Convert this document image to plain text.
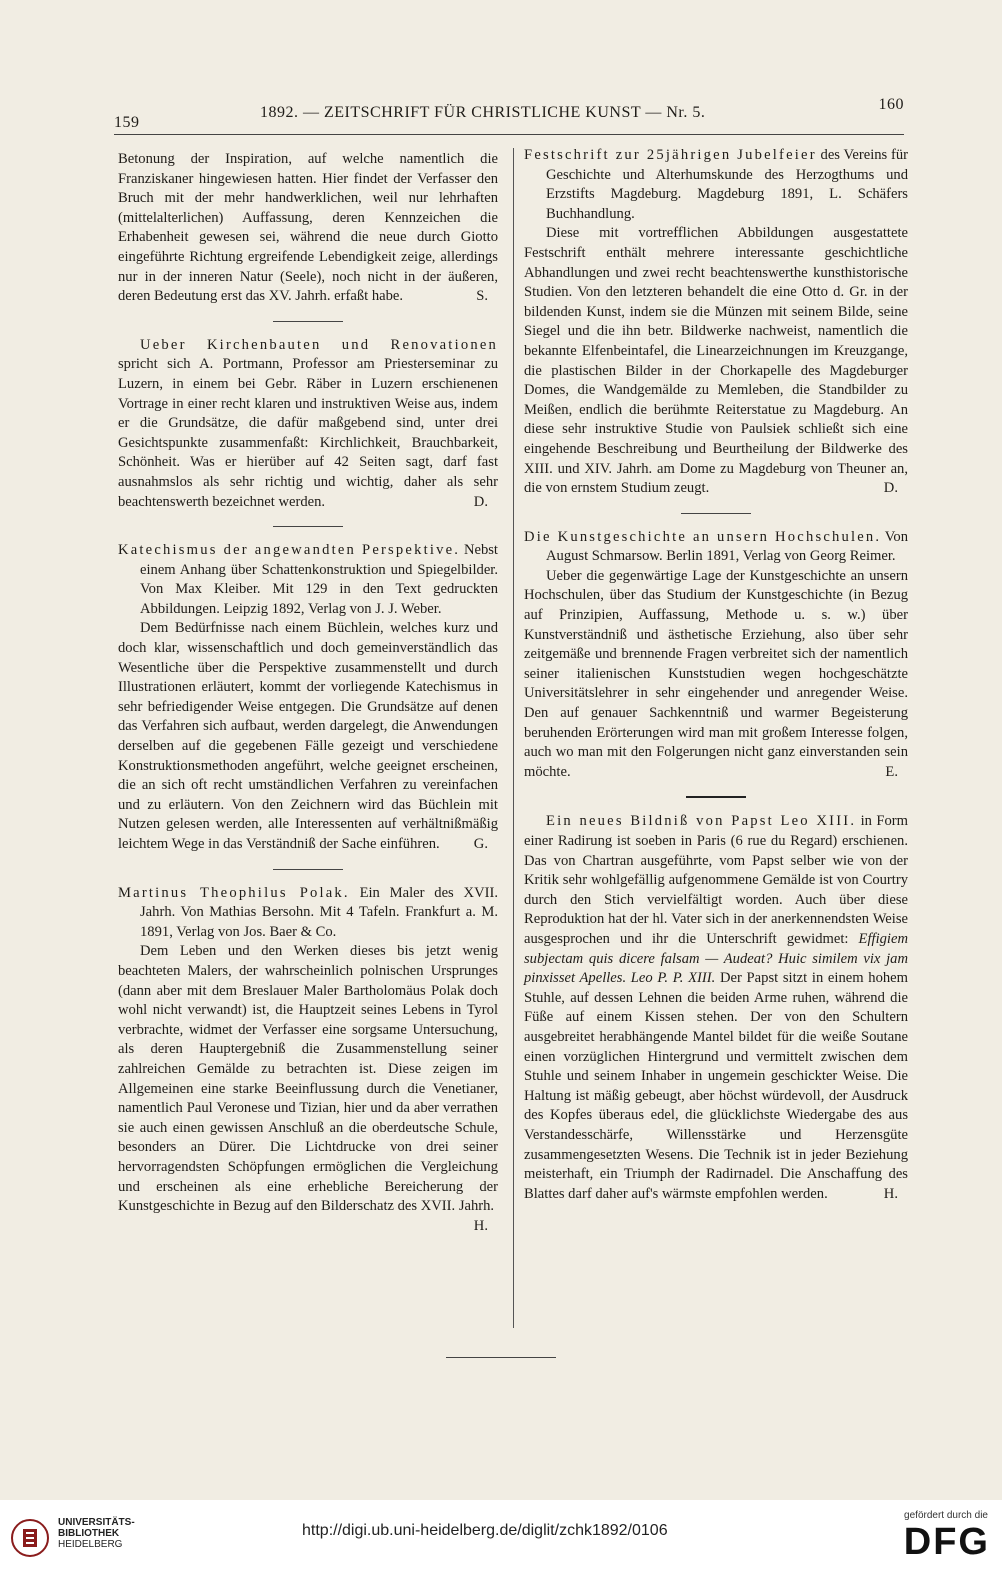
159
1892. — ZEITSCHRIFT FÜR CHRISTLICHE KUNST — Nr. 5.	160

Betonung der Inspiration, auf welche namentlich die Franziskaner hingewiesen hatten. Hier findet der Verfasser den Bruch mit der mehr handwerklichen, weil nur lehrhaften (mittelalterlichen) Auffassung, deren Kennzeichen die Erhabenheit gewesen sei, während die neue durch Giotto eingeführte Richtung ergreifende Lebendigkeit zeige, allerdings nur in der inneren Natur (Seele), noch nicht in der äußeren, deren Bedeutung erst das XV. Jahrh. erfaßt habe.	S.

Ueber Kirchenbauten und Renovationen spricht sich A. Portmann, Professor am Priesterseminar zu Luzern, in einem bei Gebr. Räber in Luzern erschienenen Vortrage in einer recht klaren und instruktiven Weise aus, indem er die Grundsätze, die dafür maßgebend sind, unter drei Gesichtspunkte zusammenfaßt: Kirchlichkeit, Brauchbarkeit, Schönheit. Was er hierüber auf 42 Seiten sagt, darf fast ausnahmslos als sehr richtig und wichtig, daher als sehr beachtenswerth bezeichnet werden.	D.

Katechismus der angewandten Perspektive. Nebst einem Anhang über Schattenkonstruktion und Spiegelbilder. Von Max Kleiber. Mit 129 in den Text gedruckten Abbildungen. Leipzig 1892, Verlag von J. J. Weber.

Dem Bedürfnisse nach einem Büchlein, welches kurz und doch klar, wissenschaftlich und doch gemeinverständlich das Wesentliche über die Perspektive zusammenstellt und durch Illustrationen erläutert, kommt der vorliegende Katechismus in sehr befriedigender Weise entgegen. Die Grundsätze auf denen das Verfahren sich aufbaut, werden dargelegt, die Anwendungen derselben auf die gegebenen Fälle gezeigt und verschiedene Konstruktionsmethoden angeführt, welche geeignet erscheinen, die an sich oft recht umständlichen Verfahren zu vereinfachen und zu erläutern. Von den Zeichnern wird das Büchlein mit Nutzen gelesen werden, alle Interessenten auf verhältnißmäßig leichtem Wege in das Verständniß der Sache einführen.	G.

Martinus Theophilus Polak. Ein Maler des XVII. Jahrh. Von Mathias Bersohn. Mit 4 Tafeln. Frankfurt a. M. 1891, Verlag von Jos. Baer & Co.

Dem Leben und den Werken dieses bis jetzt wenig beachteten Malers, der wahrscheinlich polnischen Ursprunges (dann aber mit dem Breslauer Maler Bartholomäus Polak doch wohl nicht verwandt) ist, die Hauptzeit seines Lebens in Tyrol verbrachte, widmet der Verfasser eine sorgsame Untersuchung, als deren Hauptergebniß die Zusammenstellung seiner zahlreichen Gemälde zu betrachten ist. Diese zeigen im Allgemeinen eine starke Beeinflussung durch die Venetianer, namentlich Paul Veronese und Tizian, hier und da aber verrathen sie auch einen gewissen Anschluß an die oberdeutsche Schule, besonders an Dürer. Die Lichtdrucke von drei seiner hervorragendsten Schöpfungen ermöglichen die Vergleichung und erscheinen als eine erhebliche Bereicherung der Kunstgeschichte in Bezug auf den Bilderschatz des XVII. Jahrh.
H.

Festschrift zur 25jährigen Jubelfeier des Vereins für Geschichte und Alterhumskunde des Herzogthums und Erzstifts Magdeburg. Magdeburg 1891, L. Schäfers Buchhandlung.

Diese mit vortrefflichen Abbildungen ausgestattete Festschrift enthält mehrere interessante geschichtliche Abhandlungen und zwei recht beachtenswerthe kunsthistorische Studien. Von den letzteren behandelt die eine Otto d. Gr. in der bildenden Kunst, indem sie die Münzen mit seinem Bilde, seine Siegel und die ihn betr. Bildwerke nachweist, namentlich die bekannte Elfenbeintafel, die Linearzeichnungen im Kreuzgange, die plastischen Bilder in der Chorkapelle des Magdeburger Domes, die Wandgemälde zu Memleben, die Standbilder zu Meißen, endlich die berühmte Reiterstatue zu Magdeburg. An diese sehr instruktive Studie von Paulsiek schließt sich eine eingehende Beschreibung und Beurtheilung der Bildwerke des XIII. und XIV. Jahrh. am Dome zu Magdeburg von Theuner an, die von ernstem Studium zeugt.	D.

Die Kunstgeschichte an unsern Hochschulen. Von August Schmarsow. Berlin 1891, Verlag von Georg Reimer.

Ueber die gegenwärtige Lage der Kunstgeschichte an unsern Hochschulen, über das Studium der Kunstgeschichte (in Bezug auf Prinzipien, Auffassung, Methode u. s. w.) über Kunstverständniß und ästhetische Erziehung, also über sehr zeitgemäße und brennende Fragen verbreitet sich der namentlich seiner italienischen Kunststudien wegen hochgeschätzte Universitätslehrer in sehr eingehender und anregender Weise. Den auf genauer Sachkenntniß und warmer Begeisterung beruhenden Erörterungen wird man mit großem Interesse folgen, auch wo man mit den Folgerungen nicht ganz einverstanden sein möchte.	E.

Ein neues Bildniß von Papst Leo XIII. in Form einer Radirung ist soeben in Paris (6 rue du Regard) erschienen. Das von Chartran ausgeführte, vom Papst selber wie von der Kritik sehr wohlgefällig aufgenommene Gemälde ist von Courtry durch den Stich vervielfältigt worden. Auch über diese Reproduktion hat der hl. Vater sich in der anerkennendsten Weise ausgesprochen und ihr die Unterschrift gewidmet: Effigiem subjectam quis dicere falsam — Audeat? Huic similem vix jam pinxisset Apelles. Leo P. P. XIII. Der Papst sitzt in einem hohem Stuhle, auf dessen Lehnen die beiden Arme ruhen, während die Füße auf einem Kissen stehen. Der von den Schultern ausgebreitet herabhängende Mantel bildet für die weiße Soutane einen vorzüglichen Hintergrund und vermittelt zwischen dem Stuhle und seinem Inhaber in ungemein geschickter Weise. Die Haltung ist mäßig gebeugt, aber höchst würdevoll, der Ausdruck des Kopfes überaus edel, die glücklichste Wiedergabe des aus Verstandesschärfe, Willensstärke und Herzensgüte zusammengesetzten Wesens. Die Technik ist in jeder Beziehung meisterhaft, ein Triumph der Radirnadel. Die Anschaffung des Blattes darf daher auf's wärmste empfohlen werden.	H.

UNIVERSITÄTS-
BIBLIOTHEK
HEIDELBERG
http://digi.ub.uni-heidelberg.de/diglit/zchk1892/0106
gefördert durch die
DFG
